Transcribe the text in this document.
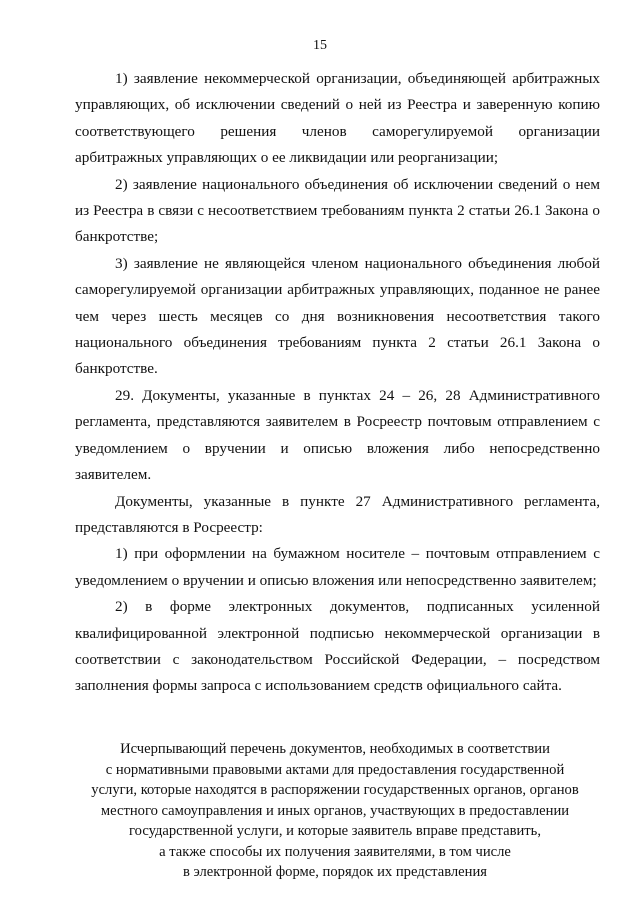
15

1) заявление некоммерческой организации, объединяющей арбитражных управляющих, об исключении сведений о ней из Реестра и заверенную копию соответствующего решения членов саморегулируемой организации арбитражных управляющих о ее ликвидации или реорганизации;

2) заявление национального объединения об исключении сведений о нем из Реестра в связи с несоответствием требованиям пункта 2 статьи 26.1 Закона о банкротстве;

3) заявление не являющейся членом национального объединения любой саморегулируемой организации арбитражных управляющих, поданное не ранее чем через шесть месяцев со дня возникновения несоответствия такого национального объединения требованиям пункта 2 статьи 26.1 Закона о банкротстве.

29. Документы, указанные в пунктах 24 – 26, 28 Административного регламента, представляются заявителем в Росреестр почтовым отправлением с уведомлением о вручении и описью вложения либо непосредственно заявителем.

Документы, указанные в пункте 27 Административного регламента, представляются в Росреестр:

1) при оформлении на бумажном носителе – почтовым отправлением с уведомлением о вручении и описью вложения или непосредственно заявителем;

2) в форме электронных документов, подписанных усиленной квалифицированной электронной подписью некоммерческой организации в соответствии с законодательством Российской Федерации, – посредством заполнения формы запроса с использованием средств официального сайта.

Исчерпывающий перечень документов, необходимых в соответствии
с нормативными правовыми актами для предоставления государственной
услуги, которые находятся в распоряжении государственных органов, органов
местного самоуправления и иных органов, участвующих в предоставлении
государственной услуги, и которые заявитель вправе представить,
а также способы их получения заявителями, в том числе
в электронной форме, порядок их представления
